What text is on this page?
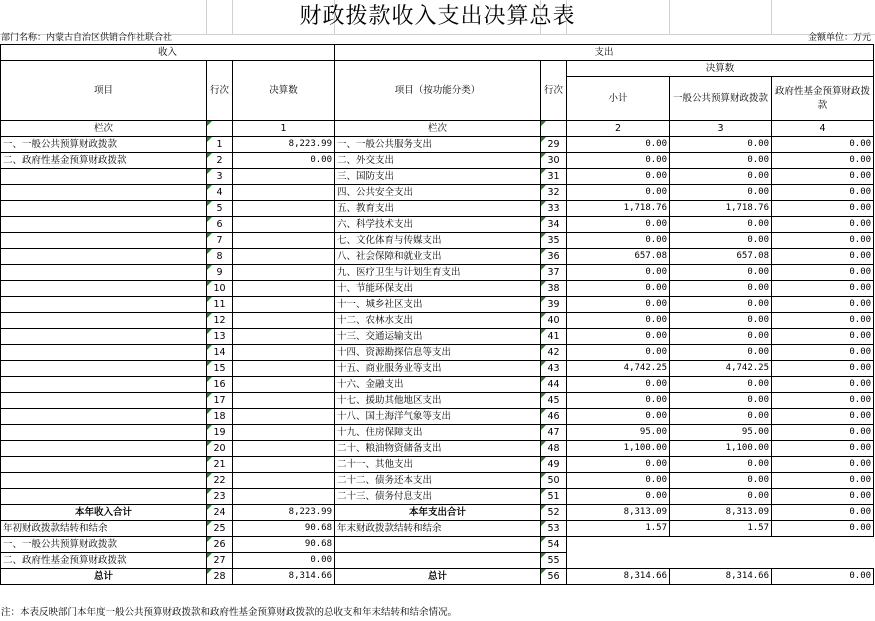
财政拨款收入支出决算总表
部门名称：内蒙古自治区供销合作社联合社	金额单位：万元
收入			支出				
项目	行次	决算数	项目（按功能分类）	行次	决算数		
					小计	一般公共预算财政拨款	政府性基金预算财政拨款

栏次		1	栏次		2	3	4
一、一般公共预算财政拨款	1	8,223.99	一、一般公共服务支出	29	0.00	0.00	0.00
二、政府性基金预算财政拨款	2	0.00	二、外交支出	30	0.00	0.00	0.00
	3		三、国防支出	31	0.00	0.00	0.00
	4		四、公共安全支出	32	0.00	0.00	0.00
	5		五、教育支出	33	1,718.76	1,718.76	0.00
	6		六、科学技术支出	34	0.00	0.00	0.00
	7		七、文化体育与传媒支出	35	0.00	0.00	0.00
	8		八、社会保障和就业支出	36	657.08	657.08	0.00
	9		九、医疗卫生与计划生育支出	37	0.00	0.00	0.00
	10		十、节能环保支出	38	0.00	0.00	0.00
	11		十一、城乡社区支出	39	0.00	0.00	0.00
	12		十二、农林水支出	40	0.00	0.00	0.00
	13		十三、交通运输支出	41	0.00	0.00	0.00
	14		十四、资源勘探信息等支出	42	0.00	0.00	0.00
	15		十五、商业服务业等支出	43	4,742.25	4,742.25	0.00
	16		十六、金融支出	44	0.00	0.00	0.00
	17		十七、援助其他地区支出	45	0.00	0.00	0.00
	18		十八、国土海洋气象等支出	46	0.00	0.00	0.00
	19		十九、住房保障支出	47	95.00	95.00	0.00
	20		二十、粮油物资储备支出	48	1,100.00	1,100.00	0.00
	21		二十一、其他支出	49	0.00	0.00	0.00
	22		二十二、债务还本支出	50	0.00	0.00	0.00
	23		二十三、债务付息支出	51	0.00	0.00	0.00
本年收入合计	24	8,223.99	本年支出合计	52	8,313.09	8,313.09	0.00
年初财政拨款结转和结余	25	90.68	年末财政拨款结转和结余	53	1.57	1.57	0.00
一、一般公共预算财政拨款	26	90.68		54			
二、政府性基金预算财政拨款	27	0.00		55			
总计	28	8,314.66	总计	56	8,314.66	8,314.66	0.00
注：本表反映部门本年度一般公共预算财政拨款和政府性基金预算财政拨款的总收支和年末结转和结余情况。
